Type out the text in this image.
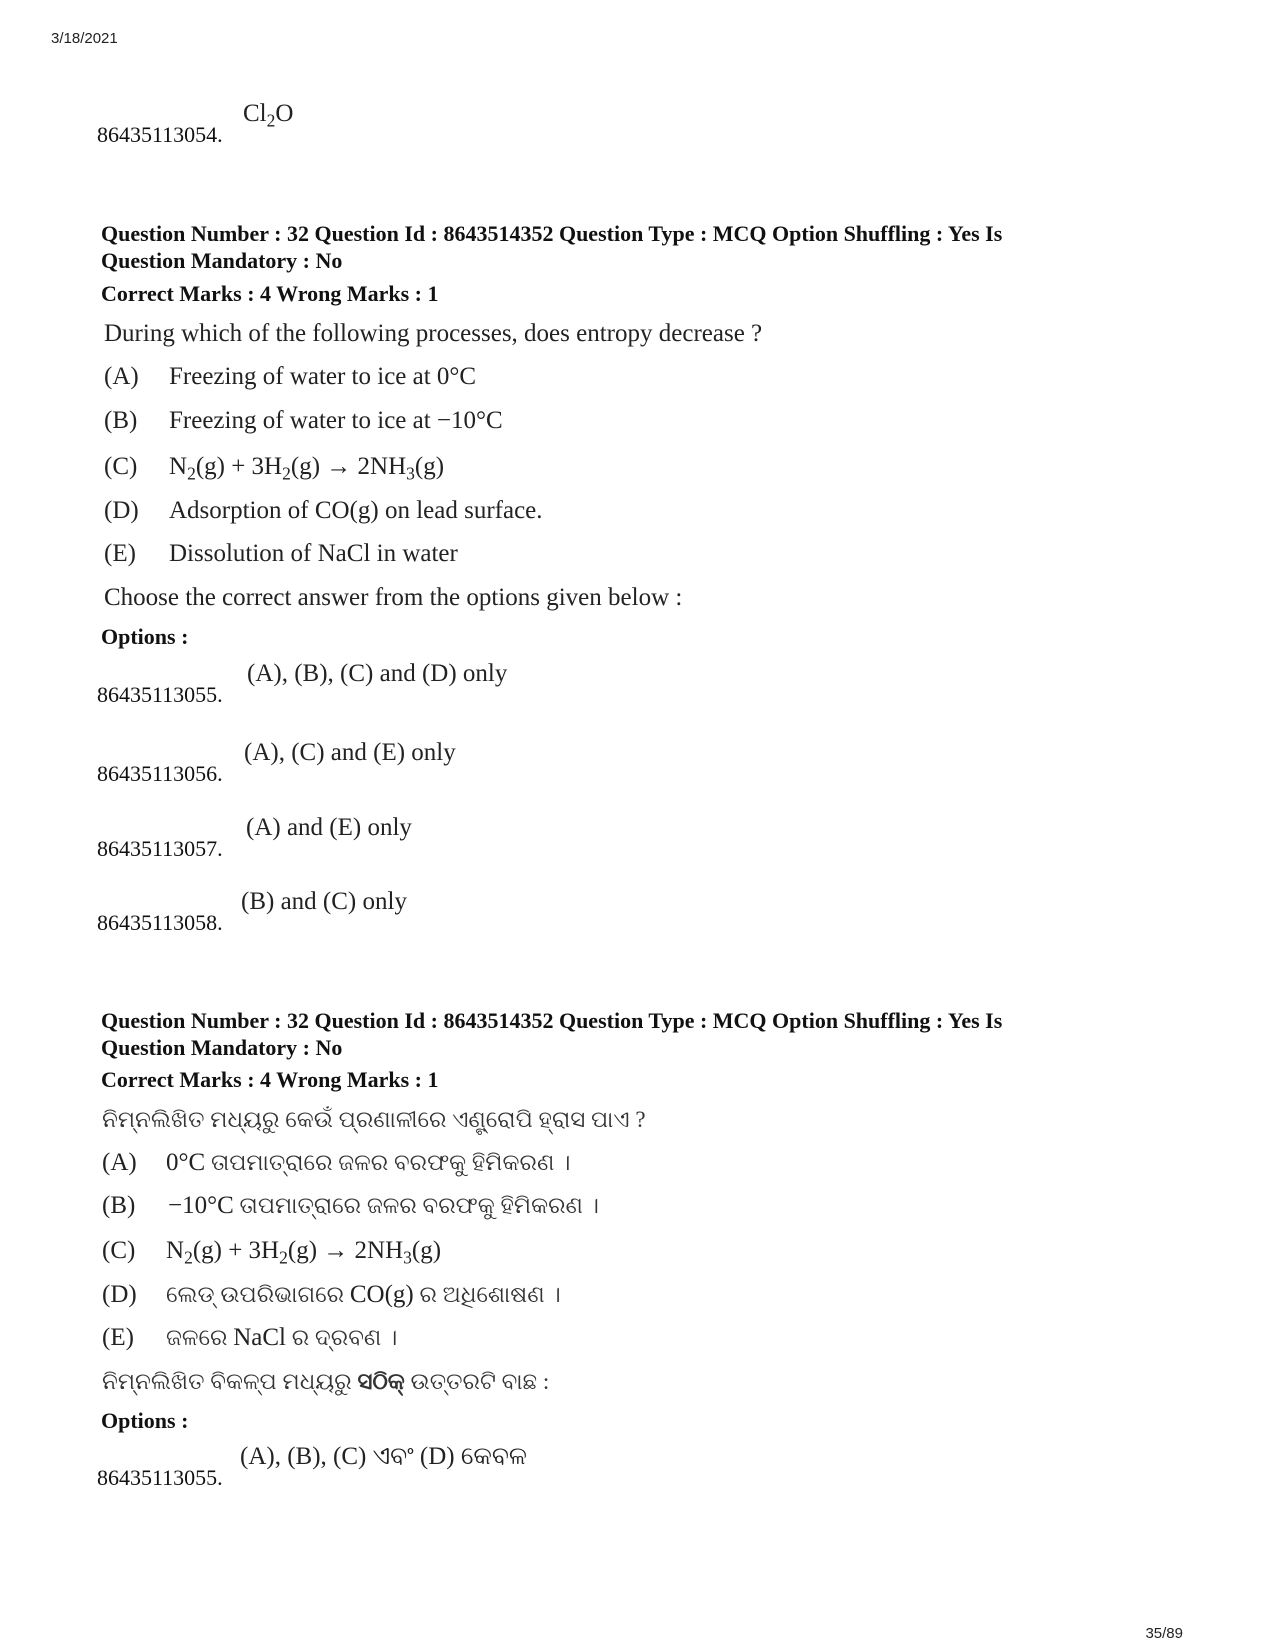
3/18/2021
86435113054.
$Cl_2O$
Question Number : 32 Question Id : 8643514352 Question Type : MCQ Option Shuffling : Yes Is
Question Mandatory : No
Correct Marks : 4 Wrong Marks : 1
During which of the following processes, does entropy decrease ?
(A) Freezing of water to ice at 0°C
(B) Freezing of water to ice at −10°C
(C) $N_2(g) + 3H_2(g) \to 2NH_3(g)$
(D) Adsorption of CO(g) on lead surface.
(E) Dissolution of NaCl in water
Choose the correct answer from the options given below :
Options :
86435113055.
(A), (B), (C) and (D) only
86435113056.
(A), (C) and (E) only
86435113057.
(A) and (E) only
86435113058.
(B) and (C) only
Question Number : 32 Question Id : 8643514352 Question Type : MCQ Option Shuffling : Yes Is
Question Mandatory : No
Correct Marks : 4 Wrong Marks : 1
ନିମ୍ନଲିଖିତ ମଧ୍ୟରୁ କେଉଁ ପ୍ରଣାଳୀରେ ଏଣ୍ଟ୍ରୋପି ହ୍ରାସ ପାଏ ?
(A) 0°C ତାପମାତ୍ରାରେ ଜଳର ବରଫକୁ ହିମିକରଣ ।
(B) −10°C ତାପମାତ୍ରାରେ ଜଳର ବରଫକୁ ହିମିକରଣ ।
(C) $N_2(g) + 3H_2(g) \to 2NH_3(g)$
(D) ଲେଡ୍ ଉପରିଭାଗରେ CO(g) ର ଅଧିଶୋଷଣ ।
(E) ଜଳରେ NaCl ର ଦ୍ରବଣ ।
ନିମ୍ନଲିଖିତ ବିକଳ୍ପ ମଧ୍ୟରୁ ସଠିକ୍ ଉତ୍ତରଟି ବାଛ :
Options :
86435113055.
(A), (B), (C) ଏବଂ (D) କେବଳ
35/89
